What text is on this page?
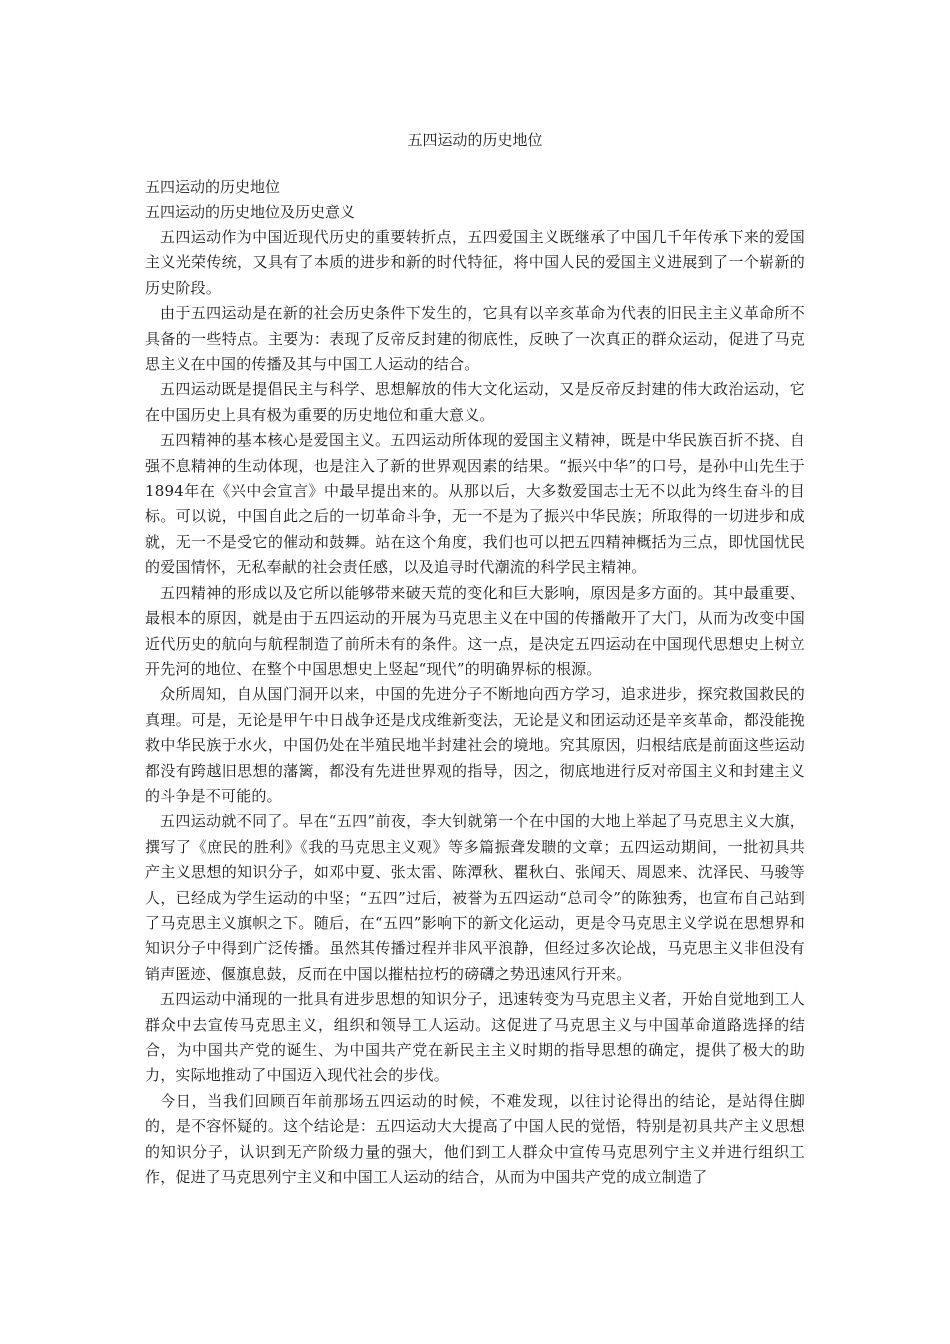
五四运动的历史地位

五四运动的历史地位

五四运动的历史地位及历史意义

五四运动作为中国近现代历史的重要转折点，五四爱国主义既继承了中国几千年传承下来的爱国主义光荣传统，又具有了本质的进步和新的时代特征，将中国人民的爱国主义进展到了一个崭新的历史阶段。

由于五四运动是在新的社会历史条件下发生的，它具有以辛亥革命为代表的旧民主主义革命所不具备的一些特点。主要为：表现了反帝反封建的彻底性，反映了一次真正的群众运动，促进了马克思主义在中国的传播及其与中国工人运动的结合。

五四运动既是提倡民主与科学、思想解放的伟大文化运动，又是反帝反封建的伟大政治运动，它在中国历史上具有极为重要的历史地位和重大意义。

五四精神的基本核心是爱国主义。五四运动所体现的爱国主义精神，既是中华民族百折不挠、自强不息精神的生动体现，也是注入了新的世界观因素的结果。“振兴中华”的口号，是孙中山先生于1894年在《兴中会宣言》中最早提出来的。从那以后，大多数爱国志士无不以此为终生奋斗的目标。可以说，中国自此之后的一切革命斗争，无一不是为了振兴中华民族；所取得的一切进步和成就，无一不是受它的催动和鼓舞。站在这个角度，我们也可以把五四精神概括为三点，即忧国忧民的爱国情怀，无私奉献的社会责任感，以及追寻时代潮流的科学民主精神。

五四精神的形成以及它所以能够带来破天荒的变化和巨大影响，原因是多方面的。其中最重要、最根本的原因，就是由于五四运动的开展为马克思主义在中国的传播敞开了大门，从而为改变中国近代历史的航向与航程制造了前所未有的条件。这一点，是决定五四运动在中国现代思想史上树立开先河的地位、在整个中国思想史上竖起“现代”的明确界标的根源。

众所周知，自从国门洞开以来，中国的先进分子不断地向西方学习，追求进步，探究救国救民的真理。可是，无论是甲午中日战争还是戊戌维新变法，无论是义和团运动还是辛亥革命，都没能挽救中华民族于水火，中国仍处在半殖民地半封建社会的境地。究其原因，归根结底是前面这些运动都没有跨越旧思想的藩篱，都没有先进世界观的指导，因之，彻底地进行反对帝国主义和封建主义的斗争是不可能的。

五四运动就不同了。早在“五四”前夜，李大钊就第一个在中国的大地上举起了马克思主义大旗，撰写了《庶民的胜利》《我的马克思主义观》等多篇振聋发聩的文章；五四运动期间，一批初具共产主义思想的知识分子，如邓中夏、张太雷、陈潭秋、瞿秋白、张闻天、周恩来、沈泽民、马骏等人，已经成为学生运动的中坚；“五四”过后，被誉为五四运动“总司令”的陈独秀，也宣布自己站到了马克思主义旗帜之下。随后，在“五四”影响下的新文化运动，更是令马克思主义学说在思想界和知识分子中得到广泛传播。虽然其传播过程并非风平浪静，但经过多次论战，马克思主义非但没有销声匿迹、偃旗息鼓，反而在中国以摧枯拉朽的磅礴之势迅速风行开来。

五四运动中涌现的一批具有进步思想的知识分子，迅速转变为马克思主义者，开始自觉地到工人群众中去宣传马克思主义，组织和领导工人运动。这促进了马克思主义与中国革命道路选择的结合，为中国共产党的诞生、为中国共产党在新民主主义时期的指导思想的确定，提供了极大的助力，实际地推动了中国迈入现代社会的步伐。

今日，当我们回顾百年前那场五四运动的时候，不难发现，以往讨论得出的结论，是站得住脚的，是不容怀疑的。这个结论是：五四运动大大提高了中国人民的觉悟，特别是初具共产主义思想的知识分子，认识到无产阶级力量的强大，他们到工人群众中宣传马克思列宁主义并进行组织工作，促进了马克思列宁主义和中国工人运动的结合，从而为中国共产党的成立制造了
